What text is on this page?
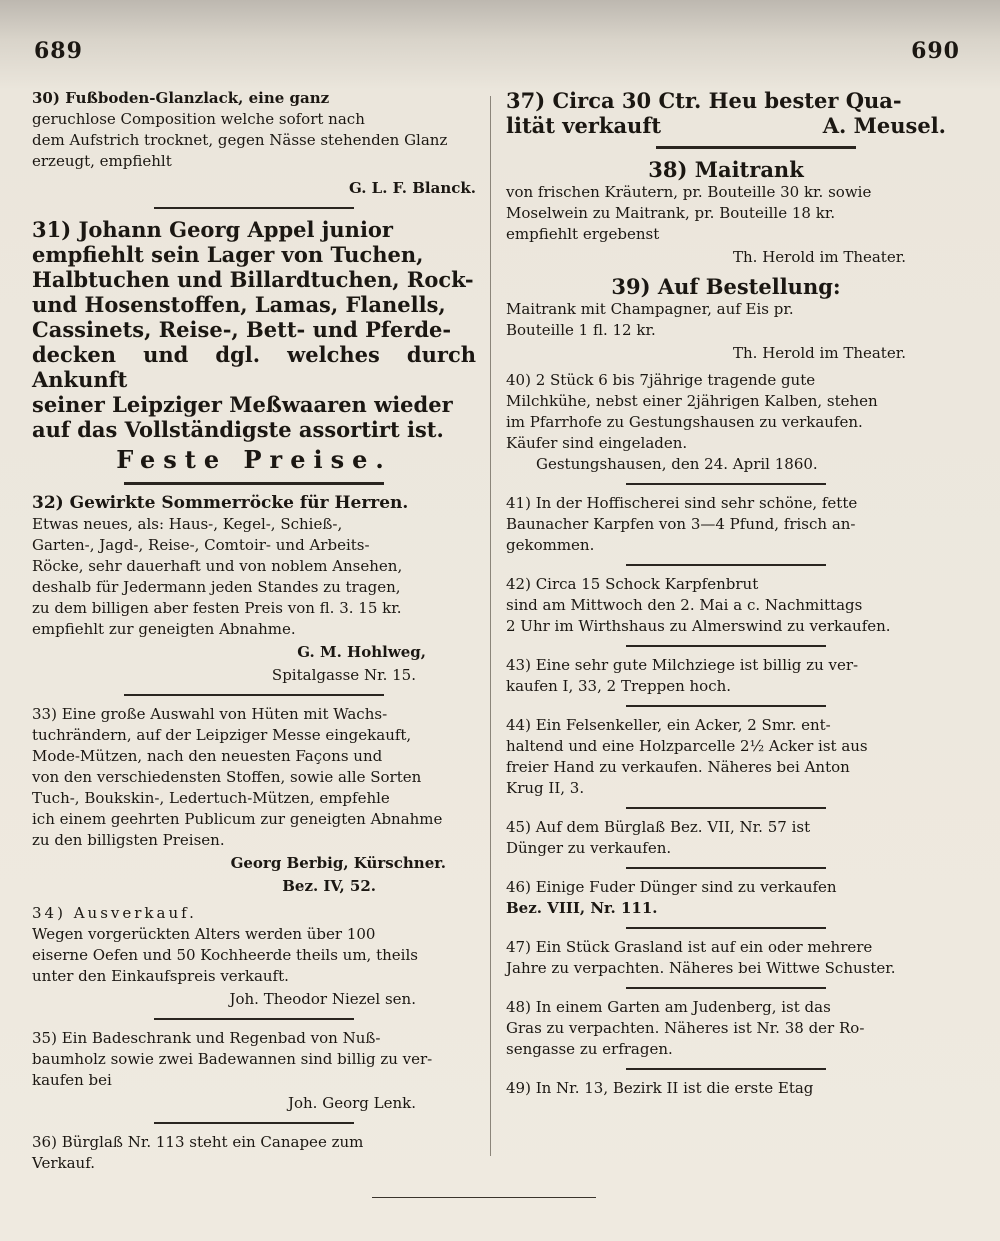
689	690
30) Fußboden-Glanzlack, eine ganz
geruchlose Composition welche sofort nach
dem Aufstrich trocknet, gegen Nässe stehenden Glanz
erzeugt, empfiehlt
G. L. F. Blanck.
31) Johann Georg Appel junior
empfiehlt sein Lager von Tuchen,
Halbtuchen und Billardtuchen, Rock-
und Hosenstoffen, Lamas, Flanells,
Cassinets, Reise-, Bett- und Pferde-
decken und dgl. welches durch Ankunft
seiner Leipziger Meßwaaren wieder
auf das Vollständigste assortirt ist.
Feste Preise.
32) Gewirkte Sommerröcke für Herren.
Etwas neues, als: Haus-, Kegel-, Schieß-,
Garten-, Jagd-, Reise-, Comtoir- und Arbeits-
Röcke, sehr dauerhaft und von noblem Ansehen,
deshalb für Jedermann jeden Standes zu tragen,
zu dem billigen aber festen Preis von fl. 3. 15 kr.
empfiehlt zur geneigten Abnahme.
G. M. Hohlweg,
Spitalgasse Nr. 15.
33) Eine große Auswahl von Hüten mit Wachs-
tuchrändern, auf der Leipziger Messe eingekauft,
Mode-Mützen, nach den neuesten Façons und
von den verschiedensten Stoffen, sowie alle Sorten
Tuch-, Boukskin-, Ledertuch-Mützen, empfehle
ich einem geehrten Publicum zur geneigten Abnahme
zu den billigsten Preisen.
Georg Berbig, Kürschner.
Bez. IV, 52.
34) Ausverkauf.
Wegen vorgerückten Alters werden über 100
eiserne Oefen und 50 Kochheerde theils um, theils
unter den Einkaufspreis verkauft.
Joh. Theodor Niezel sen.
35) Ein Badeschrank und Regenbad von Nuß-
baumholz sowie zwei Badewannen sind billig zu ver-
kaufen bei
Joh. Georg Lenk.
36) Bürglaß Nr. 113 steht ein Canapee zum
Verkauf.
37) Circa 30 Ctr. Heu bester Qua-
lität verkauft	A. Meusel.
38) Maitrank
von frischen Kräutern, pr. Bouteille 30 kr. sowie
Moselwein zu Maitrank, pr. Bouteille 18 kr.
empfiehlt ergebenst
Th. Herold im Theater.
39) Auf Bestellung:
Maitrank mit Champagner, auf Eis pr.
Bouteille 1 fl. 12 kr.
Th. Herold im Theater.
40) 2 Stück 6 bis 7jährige tragende gute
Milchkühe, nebst einer 2jährigen Kalben, stehen
im Pfarrhofe zu Gestungshausen zu verkaufen.
Käufer sind eingeladen.
Gestungshausen, den 24. April 1860.
41) In der Hoffischerei sind sehr schöne, fette
Baunacher Karpfen von 3—4 Pfund, frisch an-
gekommen.
42) Circa 15 Schock Karpfenbrut
sind am Mittwoch den 2. Mai a c. Nachmittags
2 Uhr im Wirthshaus zu Almerswind zu verkaufen.
43) Eine sehr gute Milchziege ist billig zu ver-
kaufen I, 33, 2 Treppen hoch.
44) Ein Felsenkeller, ein Acker, 2 Smr. ent-
haltend und eine Holzparcelle 2½ Acker ist aus
freier Hand zu verkaufen. Näheres bei Anton
Krug II, 3.
45) Auf dem Bürglaß Bez. VII, Nr. 57 ist
Dünger zu verkaufen.
46) Einige Fuder Dünger sind zu verkaufen
Bez. VIII, Nr. 111.
47) Ein Stück Grasland ist auf ein oder mehrere
Jahre zu verpachten. Näheres bei Wittwe Schuster.
48) In einem Garten am Judenberg, ist das
Gras zu verpachten. Näheres ist Nr. 38 der Ro-
sengasse zu erfragen.
49) In Nr. 13, Bezirk II ist die erste Etag
